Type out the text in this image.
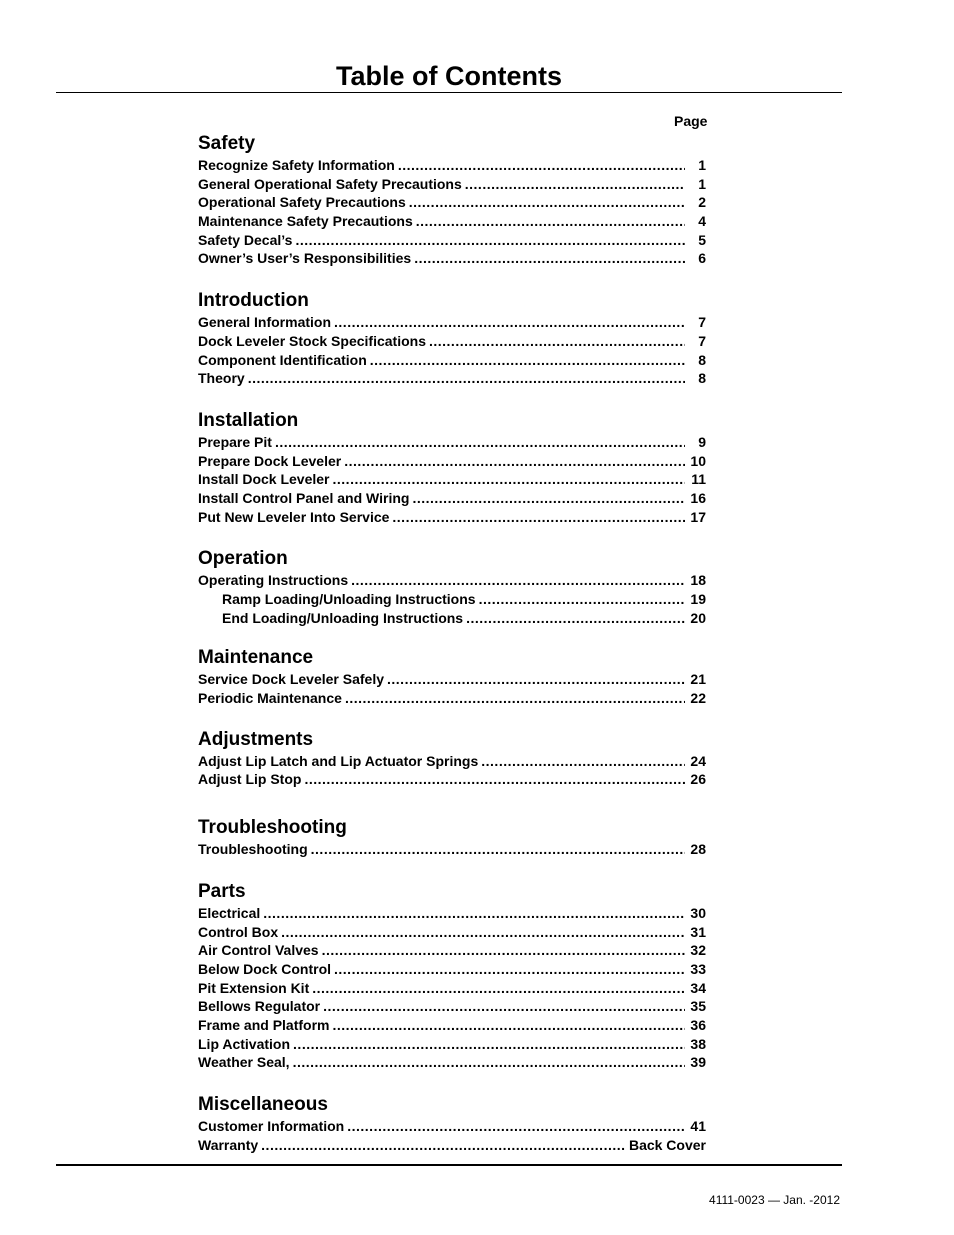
Table of Contents
Page
Safety
Recognize Safety Information .....	1
General Operational Safety Precautions .....	1
Operational Safety Precautions .....	2
Maintenance Safety Precautions .....	4
Safety Decal’s .....	5
Owner’s User’s Responsibilities .....	6
Introduction
General Information .....	7
Dock Leveler Stock Specifications .....	7
Component Identification .....	8
Theory .....	8
Installation
Prepare Pit .....	9
Prepare Dock Leveler .....	10
Install Dock Leveler .....	11
Install Control Panel and Wiring .....	16
Put New Leveler Into Service .....	17
Operation
Operating Instructions .....	18
Ramp Loading/Unloading Instructions .....	19
End Loading/Unloading Instructions .....	20
Maintenance
Service Dock Leveler Safely .....	21
Periodic Maintenance .....	22
Adjustments
Adjust Lip Latch and Lip Actuator Springs .....	24
Adjust Lip Stop .....	26
Troubleshooting
Troubleshooting .....	28
Parts
Electrical .....	30
Control Box .....	31
Air Control Valves .....	32
Below Dock Control .....	33
Pit Extension Kit .....	34
Bellows Regulator .....	35
Frame and Platform .....	36
Lip Activation .....	38
Weather Seal, .....	39
Miscellaneous
Customer Information .....	41
Warranty .....	Back Cover
4111-0023 — Jan. -2012
